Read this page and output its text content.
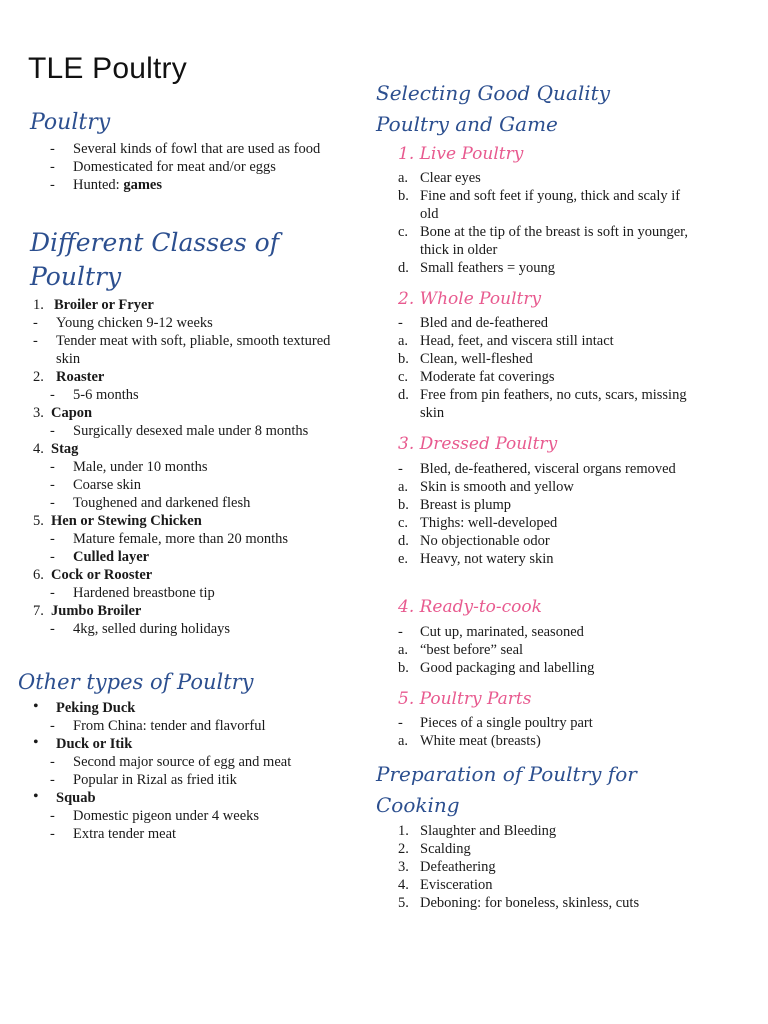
TLE Poultry
Poultry
- Several kinds of fowl that are used as food
- Domesticated for meat and/or eggs
- Hunted: games
Different Classes of
Poultry
1. Broiler or Fryer
- Young chicken 9-12 weeks
- Tender meat with soft, pliable, smooth textured skin
2. Roaster
- 5-6 months
3. Capon
- Surgically desexed male under 8 months
4. Stag
- Male, under 10 months
- Coarse skin
- Toughened and darkened flesh
5. Hen or Stewing Chicken
- Mature female, more than 20 months
- Culled layer
6. Cock or Rooster
- Hardened breastbone tip
7. Jumbo Broiler
- 4kg, selled during holidays
Other types of Poultry
• Peking Duck
- From China: tender and flavorful
• Duck or Itik
- Second major source of egg and meat
- Popular in Rizal as fried itik
• Squab
- Domestic pigeon under 4 weeks
- Extra tender meat
Selecting Good Quality
Poultry and Game
1. Live Poultry
a. Clear eyes
b. Fine and soft feet if young, thick and scaly if old
c. Bone at the tip of the breast is soft in younger, thick in older
d. Small feathers = young
2. Whole Poultry
- Bled and de-feathered
a. Head, feet, and viscera still intact
b. Clean, well-fleshed
c. Moderate fat coverings
d. Free from pin feathers, no cuts, scars, missing skin
3. Dressed Poultry
- Bled, de-feathered, visceral organs removed
a. Skin is smooth and yellow
b. Breast is plump
c. Thighs: well-developed
d. No objectionable odor
e. Heavy, not watery skin
4. Ready-to-cook
- Cut up, marinated, seasoned
a. “best before” seal
b. Good packaging and labelling
5. Poultry Parts
- Pieces of a single poultry part
a. White meat (breasts)
Preparation of Poultry for
Cooking
1. Slaughter and Bleeding
2. Scalding
3. Defeathering
4. Evisceration
5. Deboning: for boneless, skinless, cuts
